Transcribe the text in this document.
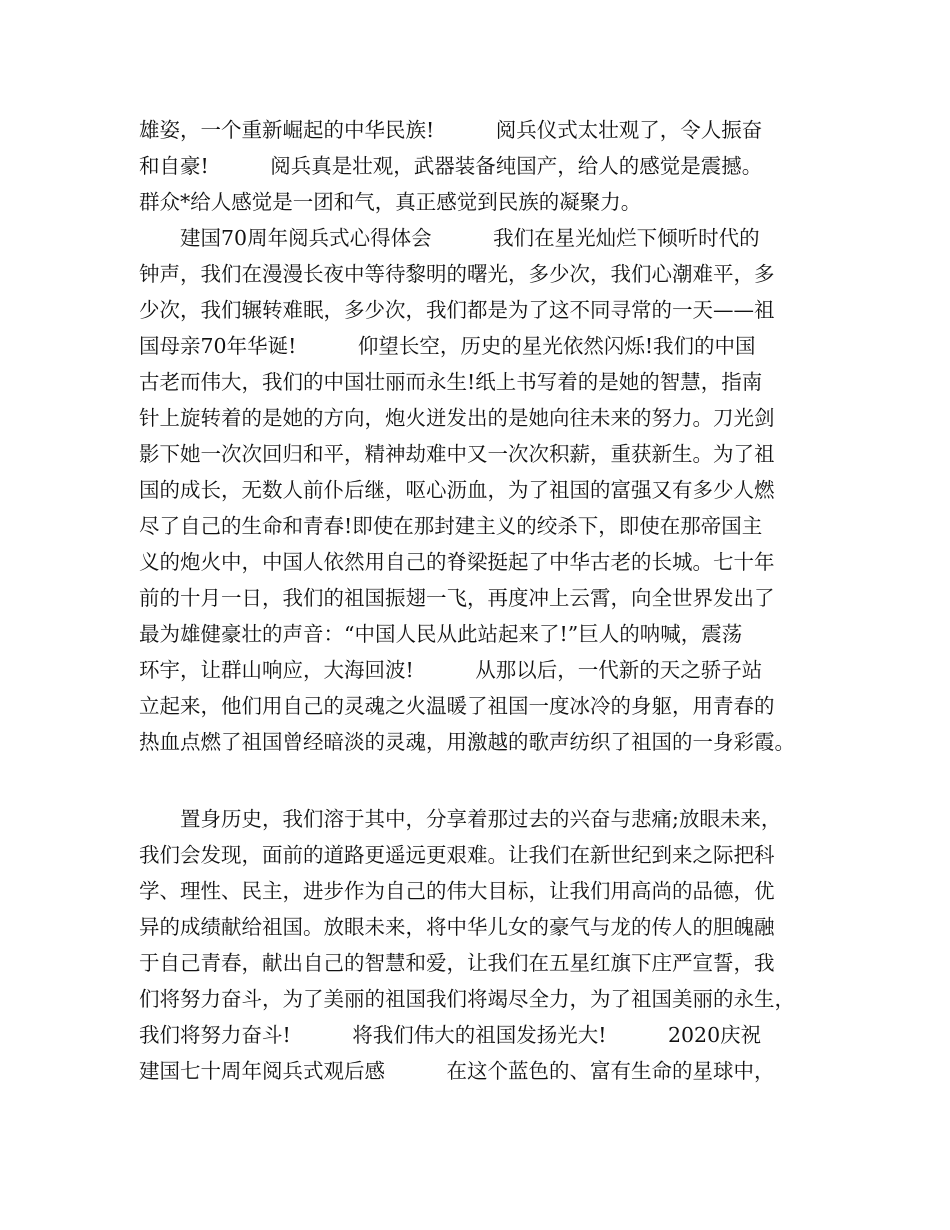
雄姿，一个重新崛起的中华民族!　　　阅兵仪式太壮观了，令人振奋
和自豪!　　　阅兵真是壮观，武器装备纯国产，给人的感觉是震撼。
群众*给人感觉是一团和气，真正感觉到民族的凝聚力。
　　建国70周年阅兵式心得体会　　　我们在星光灿烂下倾听时代的
钟声，我们在漫漫长夜中等待黎明的曙光，多少次，我们心潮难平，多
少次，我们辗转难眠，多少次，我们都是为了这不同寻常的一天——祖
国母亲70年华诞!　　　仰望长空，历史的星光依然闪烁!我们的中国
古老而伟大，我们的中国壮丽而永生!纸上书写着的是她的智慧，指南
针上旋转着的是她的方向，炮火迸发出的是她向往未来的努力。刀光剑
影下她一次次回归和平，精神劫难中又一次次积薪，重获新生。为了祖
国的成长，无数人前仆后继，呕心沥血，为了祖国的富强又有多少人燃
尽了自己的生命和青春!即使在那封建主义的绞杀下，即使在那帝国主
义的炮火中，中国人依然用自己的脊梁挺起了中华古老的长城。七十年
前的十月一日，我们的祖国振翅一飞，再度冲上云霄，向全世界发出了
最为雄健豪壮的声音：“中国人民从此站起来了!”巨人的呐喊，震荡
环宇，让群山响应，大海回波!　　　从那以后，一代新的天之骄子站
立起来，他们用自己的灵魂之火温暖了祖国一度冰冷的身躯，用青春的
热血点燃了祖国曾经暗淡的灵魂，用激越的歌声纺织了祖国的一身彩霞。
　　置身历史，我们溶于其中，分享着那过去的兴奋与悲痛;放眼未来，
我们会发现，面前的道路更遥远更艰难。让我们在新世纪到来之际把科
学、理性、民主，进步作为自己的伟大目标，让我们用高尚的品德，优
异的成绩献给祖国。放眼未来，将中华儿女的豪气与龙的传人的胆魄融
于自己青春，献出自己的智慧和爱，让我们在五星红旗下庄严宣誓，我
们将努力奋斗，为了美丽的祖国我们将竭尽全力，为了祖国美丽的永生，
我们将努力奋斗!　　　将我们伟大的祖国发扬光大!　　　2020庆祝
建国七十周年阅兵式观后感　　　在这个蓝色的、富有生命的星球中，
